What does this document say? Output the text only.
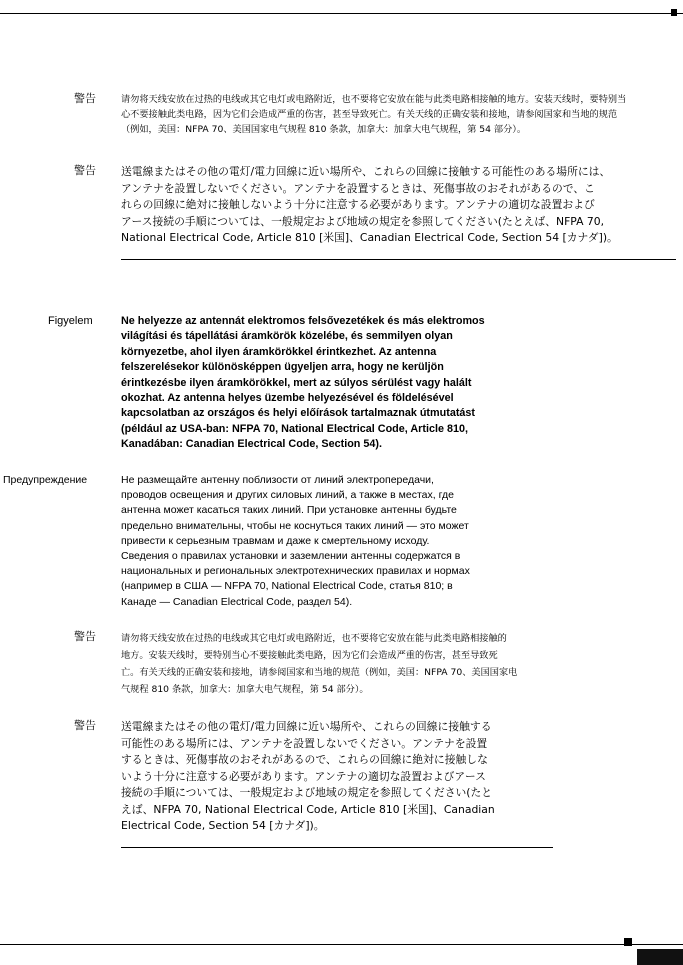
警告	请勿将天线安放在过热的电线或其它电灯或电路附近，也不要将它安放在能与此类电路相接触的地方。安装天线时，要特别当
心不要接触此类电路，因为它们会造成严重的伤害，甚至导致死亡。有关天线的正确安装和接地，请参阅国家和当地的规范
（例如，美国：NFPA 70、美国国家电气规程 810 条款，加拿大：加拿大电气规程，第 54 部分）。
警告 送電線またはその他の電灯/電力回線に近い場所や、これらの回線に接触する可能性のある場所には、
アンテナを設置しないでください。アンテナを設置するときは、死傷事故のおそれがあるので、こ
れらの回線に絶対に接触しないよう十分に注意する必要があります。アンテナの適切な設置および
アース接続の手順については、一般規定および地域の規定を参照してください(たとえば、NFPA 70,
National Electrical Code, Article 810 [米国]、Canadian Electrical Code, Section 54 [カナダ])。
Figyelem	Ne helyezze az antennát elektromos felsővezetékek és más elektromos
világítási és tápellátási áramkörök közelébe, és semmilyen olyan
környezetbe, ahol ilyen áramkörökkel érintkezhet. Az antenna
felszerelésekor különösképpen ügyeljen arra, hogy ne kerüljön
érintkezésbe ilyen áramkörökkel, mert az súlyos sérülést vagy halált
okozhat. Az antenna helyes üzembe helyezésével és földelésével
kapcsolatban az országos és helyi előírások tartalmaznak útmutatást
(például az USA-ban: NFPA 70, National Electrical Code, Article 810,
Kanadában: Canadian Electrical Code, Section 54).
Предупреждение	Не размещайте антенну поблизости от линий электропередачи,
проводов освещения и других силовых линий, а также в местах, где
антенна может касаться таких линий. При установке антенны будьте
предельно внимательны, чтобы не коснуться таких линий — это может
привести к серьезным травмам и даже к смертельному исходу.
Сведения о правилах установки и заземлении антенны содержатся в
национальных и региональных электротехнических правилах и нормах
(например в США — NFPA 70, National Electrical Code, статья 810; в
Канаде — Canadian Electrical Code, раздел 54).
警告	请勿将天线安放在过热的电线或其它电灯或电路附近，也不要将它安放在能与此类电路相接触的
地方。安装天线时，要特别当心不要接触此类电路，因为它们会造成严重的伤害，甚至导致死
亡。有关天线的正确安装和接地，请参阅国家和当地的规范（例如，美国：NFPA 70、美国国家电
气规程 810 条款，加拿大：加拿大电气规程，第 54 部分）。
警告 送電線またはその他の電灯/電力回線に近い場所や、これらの回線に接触する
可能性のある場所には、アンテナを設置しないでください。アンテナを設置
するときは、死傷事故のおそれがあるので、これらの回線に絶対に接触しな
いよう十分に注意する必要があります。アンテナの適切な設置およびアース
接続の手順については、一般規定および地域の規定を参照してください(たと
えば、NFPA 70, National Electrical Code, Article 810 [米国]、Canadian
Electrical Code, Section 54 [カナダ])。
